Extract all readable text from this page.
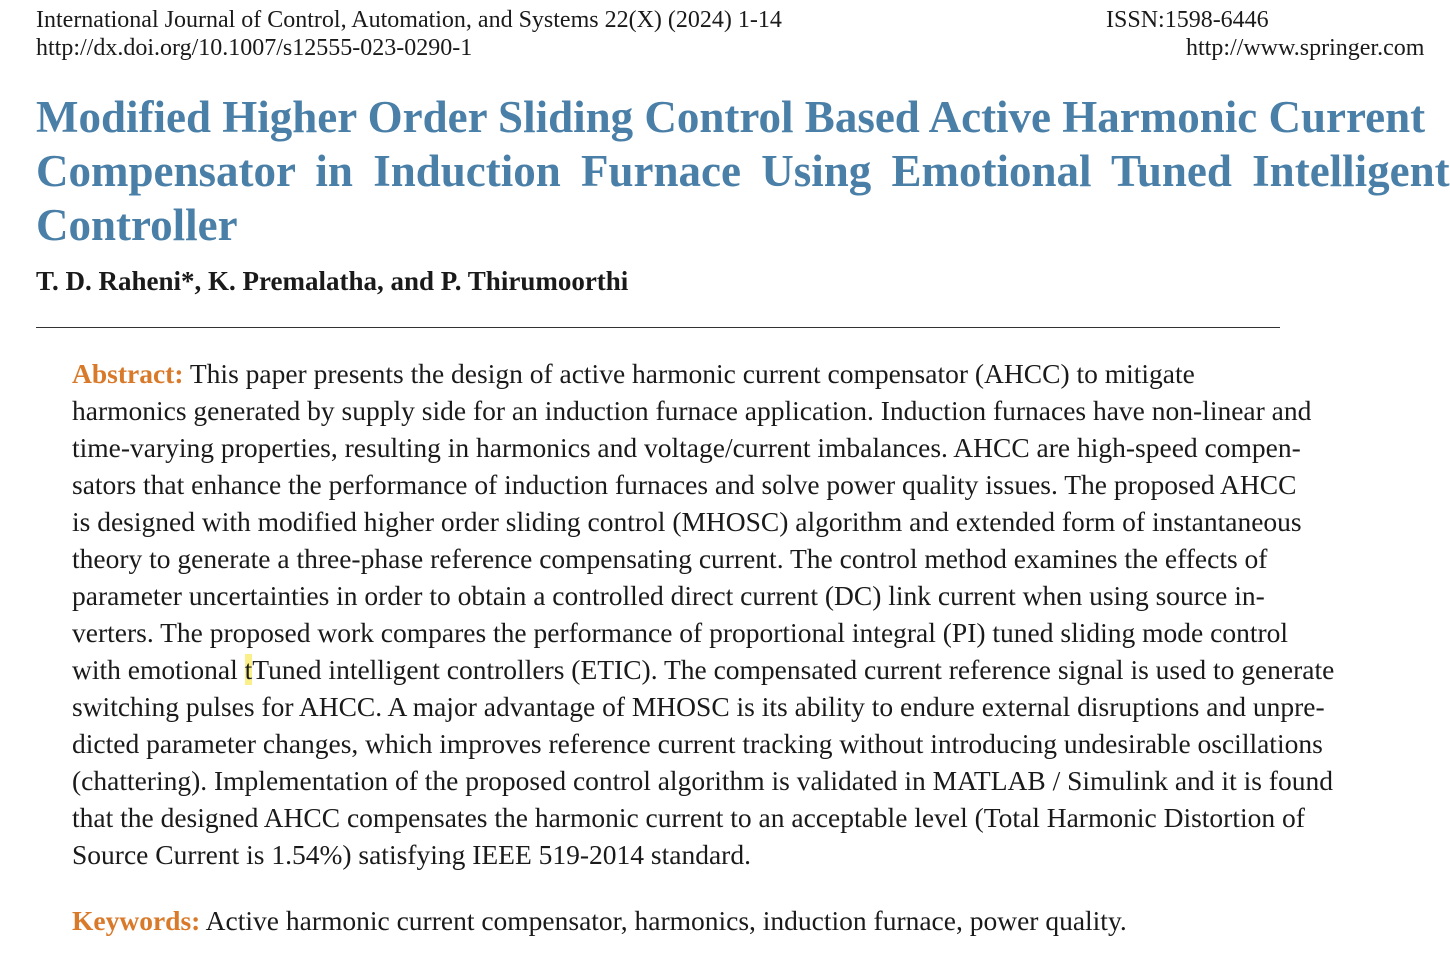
International Journal of Control, Automation, and Systems 22(X) (2024) 1-14	ISSN:1598-6446
http://dx.doi.org/10.1007/s12555-023-0290-1	http://www.springer.com
Modified Higher Order Sliding Control Based Active Harmonic Current
Compensator in Induction Furnace Using Emotional Tuned Intelligent
Controller
T. D. Raheni*, K. Premalatha, and P. Thirumoorthi
Abstract: This paper presents the design of active harmonic current compensator (AHCC) to mitigate
harmonics generated by supply side for an induction furnace application. Induction furnaces have non-linear and
time-varying properties, resulting in harmonics and voltage/current imbalances. AHCC are high-speed compen-
sators that enhance the performance of induction furnaces and solve power quality issues. The proposed AHCC
is designed with modified higher order sliding control (MHOSC) algorithm and extended form of instantaneous
theory to generate a three-phase reference compensating current. The control method examines the effects of
parameter uncertainties in order to obtain a controlled direct current (DC) link current when using source in-
verters. The proposed work compares the performance of proportional integral (PI) tuned sliding mode control
with emotional tTuned intelligent controllers (ETIC). The compensated current reference signal is used to generate
switching pulses for AHCC. A major advantage of MHOSC is its ability to endure external disruptions and unpre-
dicted parameter changes, which improves reference current tracking without introducing undesirable oscillations
(chattering). Implementation of the proposed control algorithm is validated in MATLAB / Simulink and it is found
that the designed AHCC compensates the harmonic current to an acceptable level (Total Harmonic Distortion of
Source Current is 1.54%) satisfying IEEE 519-2014 standard.
Keywords: Active harmonic current compensator, harmonics, induction furnace, power quality.
